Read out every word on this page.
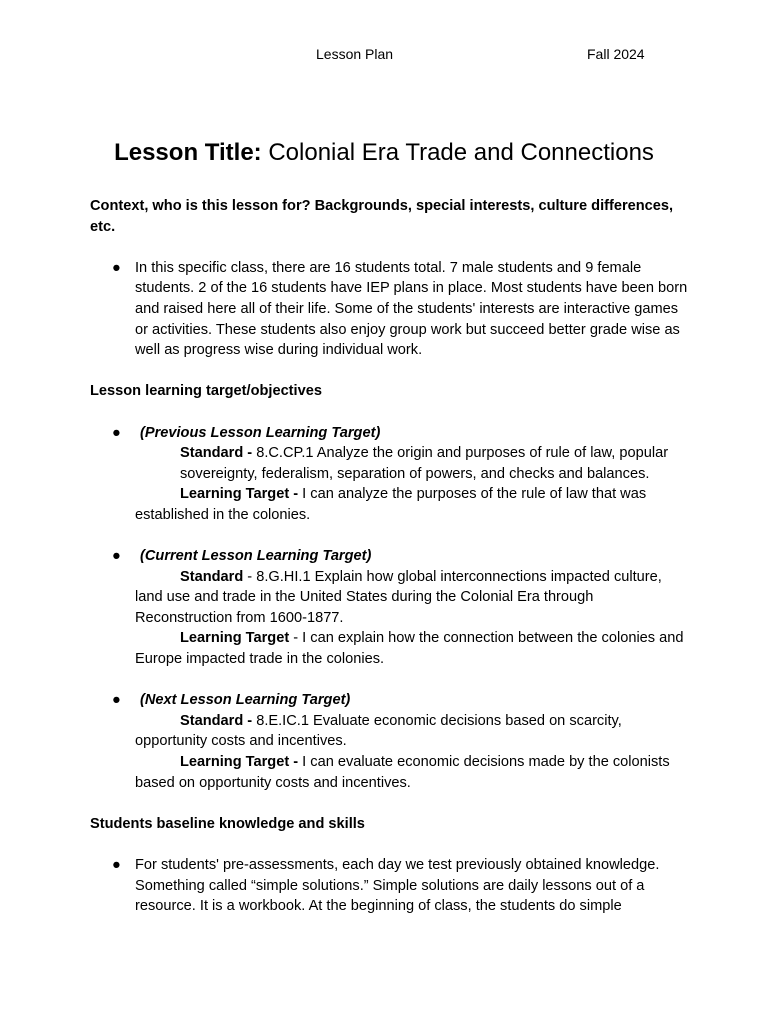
Lesson Plan	Fall 2024
Lesson Title: Colonial Era Trade and Connections

Context, who is this lesson for? Backgrounds, special interests, culture differences, etc.

● In this specific class, there are 16 students total. 7 male students and 9 female students. 2 of the 16 students have IEP plans in place. Most students have been born and raised here all of their life. Some of the students' interests are interactive games or activities. These students also enjoy group work but succeed better grade wise as well as progress wise during individual work.

Lesson learning target/objectives

●	(Previous Lesson Learning Target)

Standard - 8.C.CP.1 Analyze the origin and purposes of rule of law, popular sovereignty, federalism, separation of powers, and checks and balances.

Learning Target - I can analyze the purposes of the rule of law that was established in the colonies.

●	(Current Lesson Learning Target)

Standard - 8.G.HI.1 Explain how global interconnections impacted culture, land use and trade in the United States during the Colonial Era through Reconstruction from 1600-1877.

Learning Target - I can explain how the connection between the colonies and Europe impacted trade in the colonies.

●	(Next Lesson Learning Target)

Standard - 8.E.IC.1 Evaluate economic decisions based on scarcity, opportunity costs and incentives.

Learning Target - I can evaluate economic decisions made by the colonists based on opportunity costs and incentives.

Students baseline knowledge and skills

● For students' pre-assessments, each day we test previously obtained knowledge. Something called “simple solutions.” Simple solutions are daily lessons out of a resource. It is a workbook. At the beginning of class, the students do simple
